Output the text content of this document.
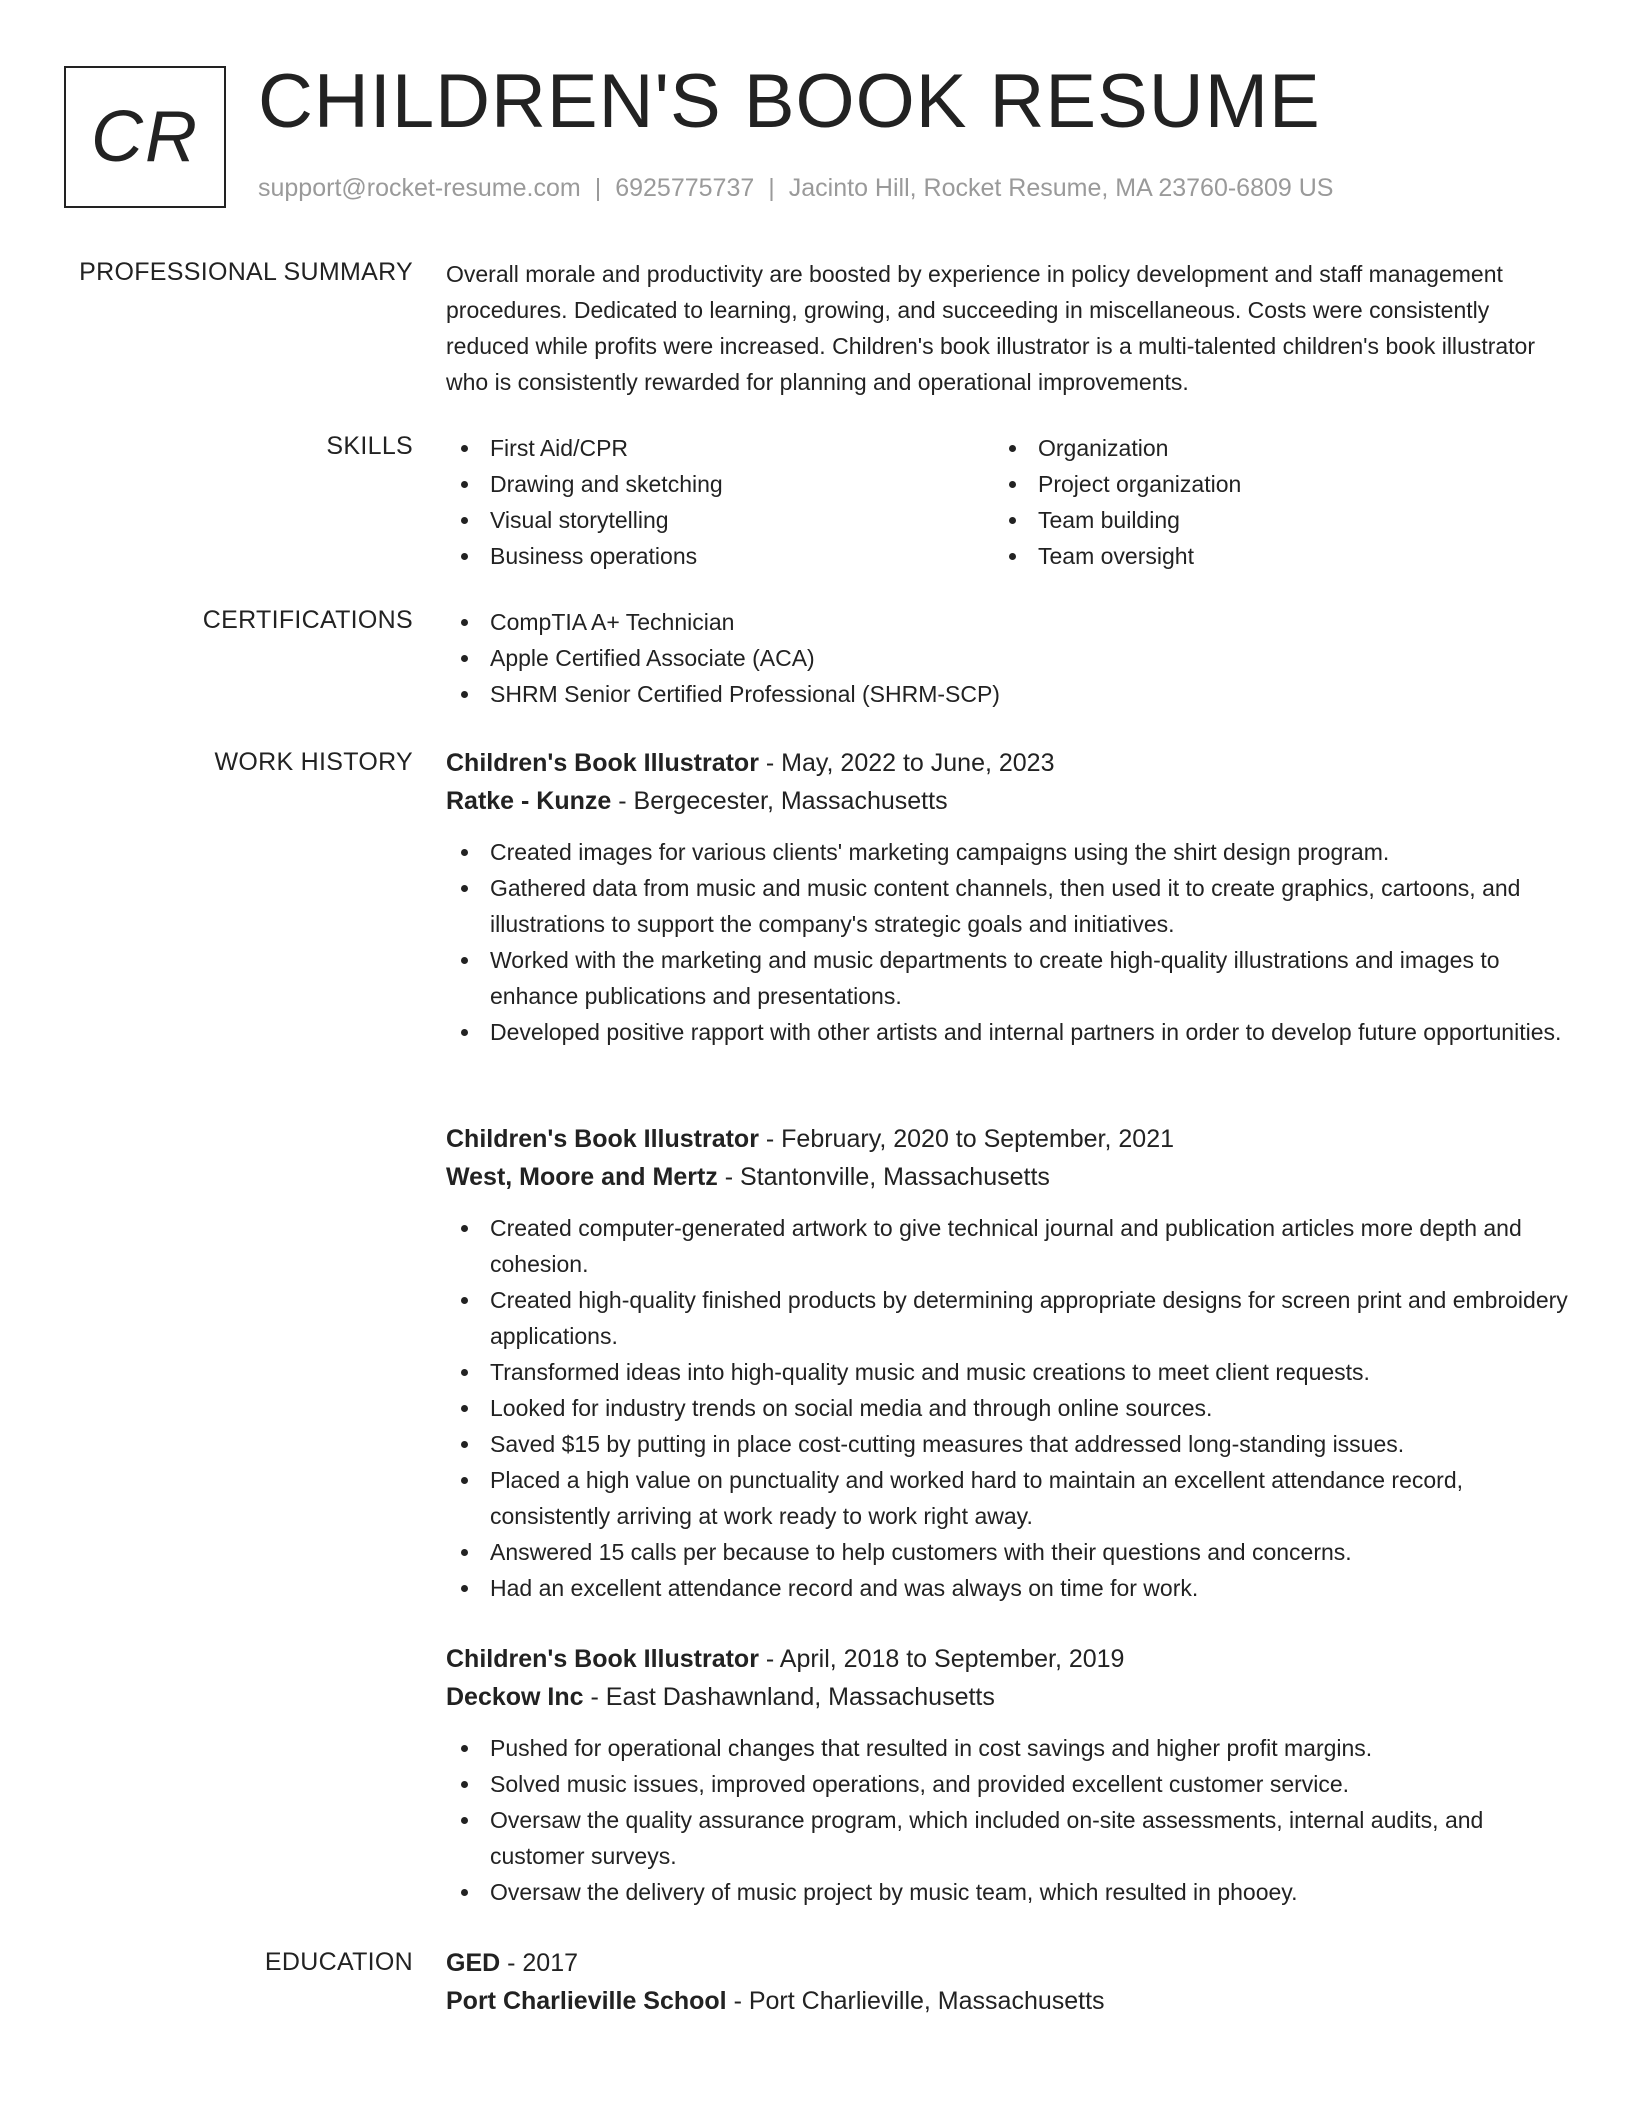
CR CHILDREN'S BOOK RESUME
support@rocket-resume.com | 6925775737 | Jacinto Hill, Rocket Resume, MA 23760-6809 US
PROFESSIONAL SUMMARY Overall morale and productivity are boosted by experience in policy development and staff management procedures. Dedicated to learning, growing, and succeeding in miscellaneous. Costs were consistently reduced while profits were increased. Children's book illustrator is a multi-talented children's book illustrator who is consistently rewarded for planning and operational improvements.
SKILLS	First Aid/CPR
Drawing and sketching
Visual storytelling
Business operations
Organization
Project organization
Team building
Team oversight
CERTIFICATIONS	CompTIA A+ Technician
Apple Certified Associate (ACA)
SHRM Senior Certified Professional (SHRM-SCP)
WORK HISTORY Children's Book Illustrator - May, 2022 to June, 2023
Ratke - Kunze - Bergecester, Massachusetts
Created images for various clients' marketing campaigns using the shirt design program.
Gathered data from music and music content channels, then used it to create graphics, cartoons, and illustrations to support the company's strategic goals and initiatives.
Worked with the marketing and music departments to create high-quality illustrations and images to enhance publications and presentations.
Developed positive rapport with other artists and internal partners in order to develop future opportunities.
Children's Book Illustrator - February, 2020 to September, 2021
West, Moore and Mertz - Stantonville, Massachusetts
Created computer-generated artwork to give technical journal and publication articles more depth and cohesion.
Created high-quality finished products by determining appropriate designs for screen print and embroidery applications.
Transformed ideas into high-quality music and music creations to meet client requests.
Looked for industry trends on social media and through online sources.
Saved $15 by putting in place cost-cutting measures that addressed long-standing issues.
Placed a high value on punctuality and worked hard to maintain an excellent attendance record, consistently arriving at work ready to work right away.
Answered 15 calls per because to help customers with their questions and concerns.
Had an excellent attendance record and was always on time for work.
Children's Book Illustrator - April, 2018 to September, 2019
Deckow Inc - East Dashawnland, Massachusetts
Pushed for operational changes that resulted in cost savings and higher profit margins.
Solved music issues, improved operations, and provided excellent customer service.
Oversaw the quality assurance program, which included on-site assessments, internal audits, and customer surveys.
Oversaw the delivery of music project by music team, which resulted in phooey.
EDUCATION GED - 2017
Port Charlieville School - Port Charlieville, Massachusetts
